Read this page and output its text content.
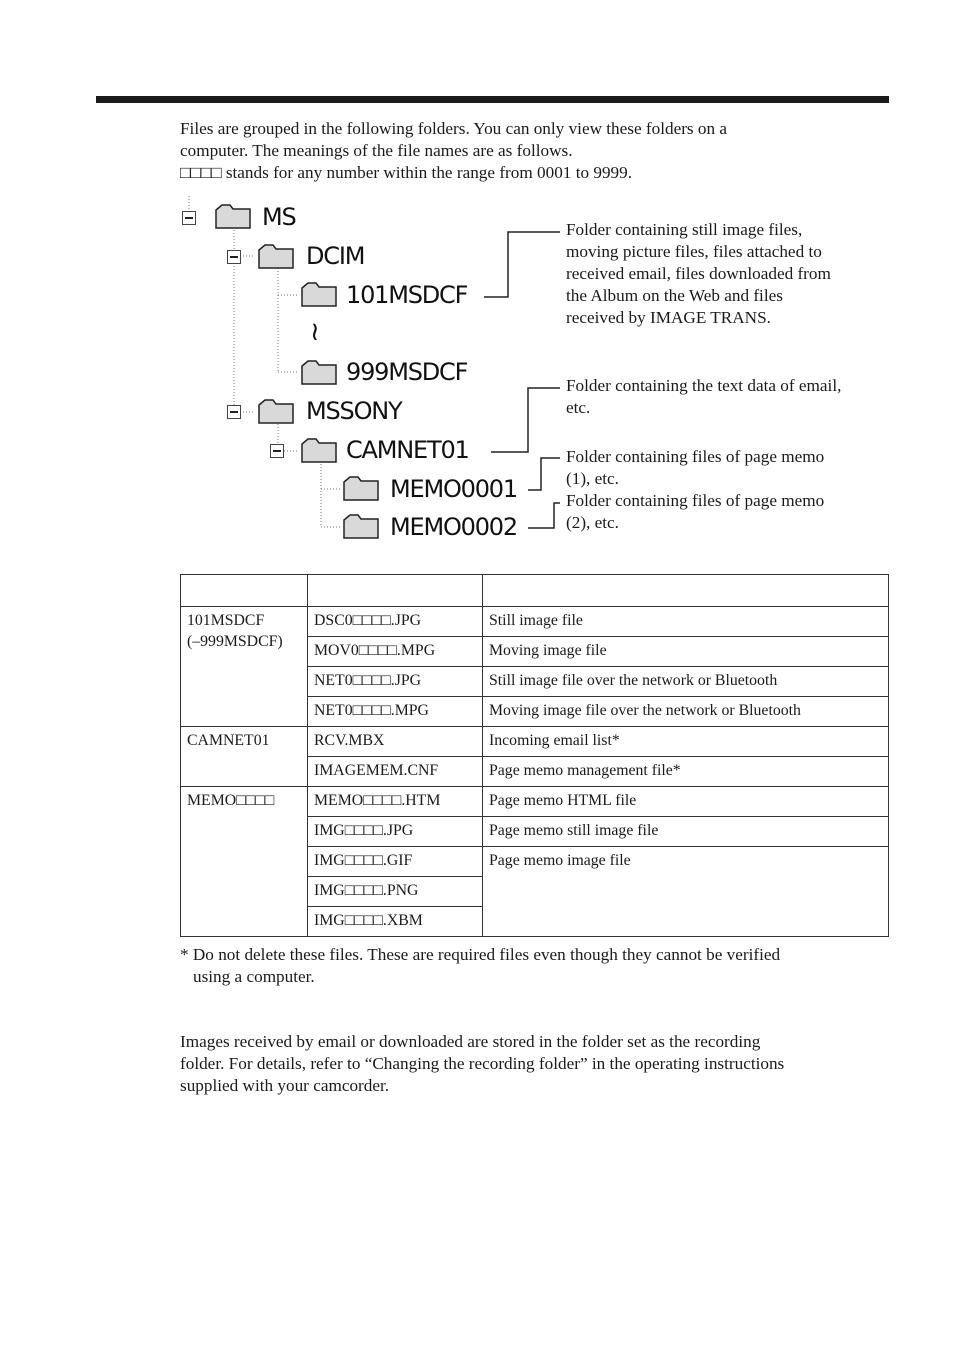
Files are grouped in the following folders. You can only view these folders on a
computer. The meanings of the file names are as follows.
□□□□ stands for any number within the range from 0001 to 9999.
MS
DCIM
101MSDCF
≀
999MSDCF
MSSONY
CAMNET01
MEMO0001
MEMO0002
Folder containing still image files,
moving picture files, files attached to
received email, files downloaded from
the Album on the Web and files
received by IMAGE TRANS.
Folder containing the text data of email,
etc.
Folder containing files of page memo
(1), etc.
Folder containing files of page memo
(2), etc.

101MSDCF
(–999MSDCF)	DSC0□□□□.JPG	Still image file
	MOV0□□□□.MPG	Moving image file
	NET0□□□□.JPG	Still image file over the network or Bluetooth
	NET0□□□□.MPG	Moving image file over the network or Bluetooth

CAMNET01	RCV.MBX	Incoming email list*
	IMAGEMEM.CNF	Page memo management file*

MEMO□□□□	MEMO□□□□.HTM	Page memo HTML file
	IMG□□□□.JPG	Page memo still image file
	IMG□□□□.GIF	Page memo image file
	IMG□□□□.PNG	
	IMG□□□□.XBM	
* Do not delete these files. These are required files even though they cannot be verified
using a computer.
Images received by email or downloaded are stored in the folder set as the recording
folder. For details, refer to “Changing the recording folder” in the operating instructions
supplied with your camcorder.
